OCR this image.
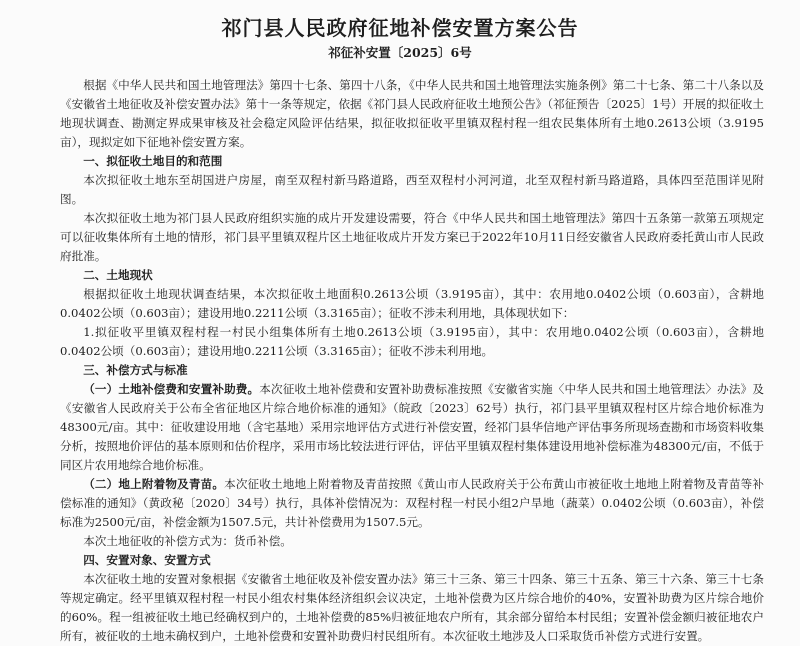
祁门县人民政府征地补偿安置方案公告
祁征补安置〔2025〕6号

根据《中华人民共和国土地管理法》第四十七条、第四十八条，《中华人民共和国土地管理法实施条例》第二十七条、第二十八条以及《安徽省土地征收及补偿安置办法》第十一条等规定，依据《祁门县人民政府征收土地预公告》（祁征预告〔2025〕1号）开展的拟征收土地现状调查、勘测定界成果审核及社会稳定风险评估结果，拟征收拟征收平里镇双程村程一组农民集体所有土地0.2613公顷（3.9195亩），现拟定如下征地补偿安置方案。

一、拟征收土地目的和范围

本次拟征收土地东至胡国进户房屋，南至双程村新马路道路，西至双程村小河河道，北至双程村新马路道路，具体四至范围详见附图。

本次拟征收土地为祁门县人民政府组织实施的成片开发建设需要，符合《中华人民共和国土地管理法》第四十五条第一款第五项规定可以征收集体所有土地的情形，祁门县平里镇双程片区土地征收成片开发方案已于2022年10月11日经安徽省人民政府委托黄山市人民政府批准。

二、土地现状

根据拟征收土地现状调查结果，本次拟征收土地面积0.2613公顷（3.9195亩），其中：农用地0.0402公顷（0.603亩），含耕地0.0402公顷（0.603亩）；建设用地0.2211公顷（3.3165亩）；征收不涉未利用地，具体现状如下：

1.拟征收平里镇双程村程一村民小组集体所有土地0.2613公顷（3.9195亩），其中：农用地0.0402公顷（0.603亩），含耕地0.0402公顷（0.603亩）；建设用地0.2211公顷（3.3165亩）；征收不涉未利用地。

三、补偿方式与标准

（一）土地补偿费和安置补助费。本次征收土地补偿费和安置补助费标准按照《安徽省实施〈中华人民共和国土地管理法〉办法》及《安徽省人民政府关于公布全省征地区片综合地价标准的通知》（皖政〔2023〕62号）执行，祁门县平里镇双程村区片综合地价标准为48300元/亩。其中：征收建设用地（含宅基地）采用宗地评估方式进行补偿安置，经祁门县华信地产评估事务所现场查勘和市场资料收集分析，按照地价评估的基本原则和估价程序，采用市场比较法进行评估，评估平里镇双程村集体建设用地补偿标准为48300元/亩，不低于同区片农用地综合地价标准。

（二）地上附着物及青苗。本次征收土地地上附着物及青苗按照《黄山市人民政府关于公布黄山市被征收土地地上附着物及青苗等补偿标准的通知》（黄政秘〔2020〕34号）执行，具体补偿情况为：双程村程一村民小组2户旱地（蔬菜）0.0402公顷（0.603亩），补偿标准为2500元/亩，补偿金额为1507.5元，共计补偿费用为1507.5元。

本次土地征收的补偿方式为：货币补偿。

四、安置对象、安置方式

本次征收土地的安置对象根据《安徽省土地征收及补偿安置办法》第三十三条、第三十四条、第三十五条、第三十六条、第三十七条等规定确定。经平里镇双程村程一村民小组农村集体经济组织会议决定，土地补偿费为区片综合地价的40%，安置补助费为区片综合地价的60%。程一组被征收土地已经确权到户的，土地补偿费的85%归被征地农户所有，其余部分留给本村民组；安置补偿金额归被征地农户所有，被征收的土地未确权到户，土地补偿费和安置补助费归村民组所有。本次征收土地涉及人口采取货币补偿方式进行安置。
